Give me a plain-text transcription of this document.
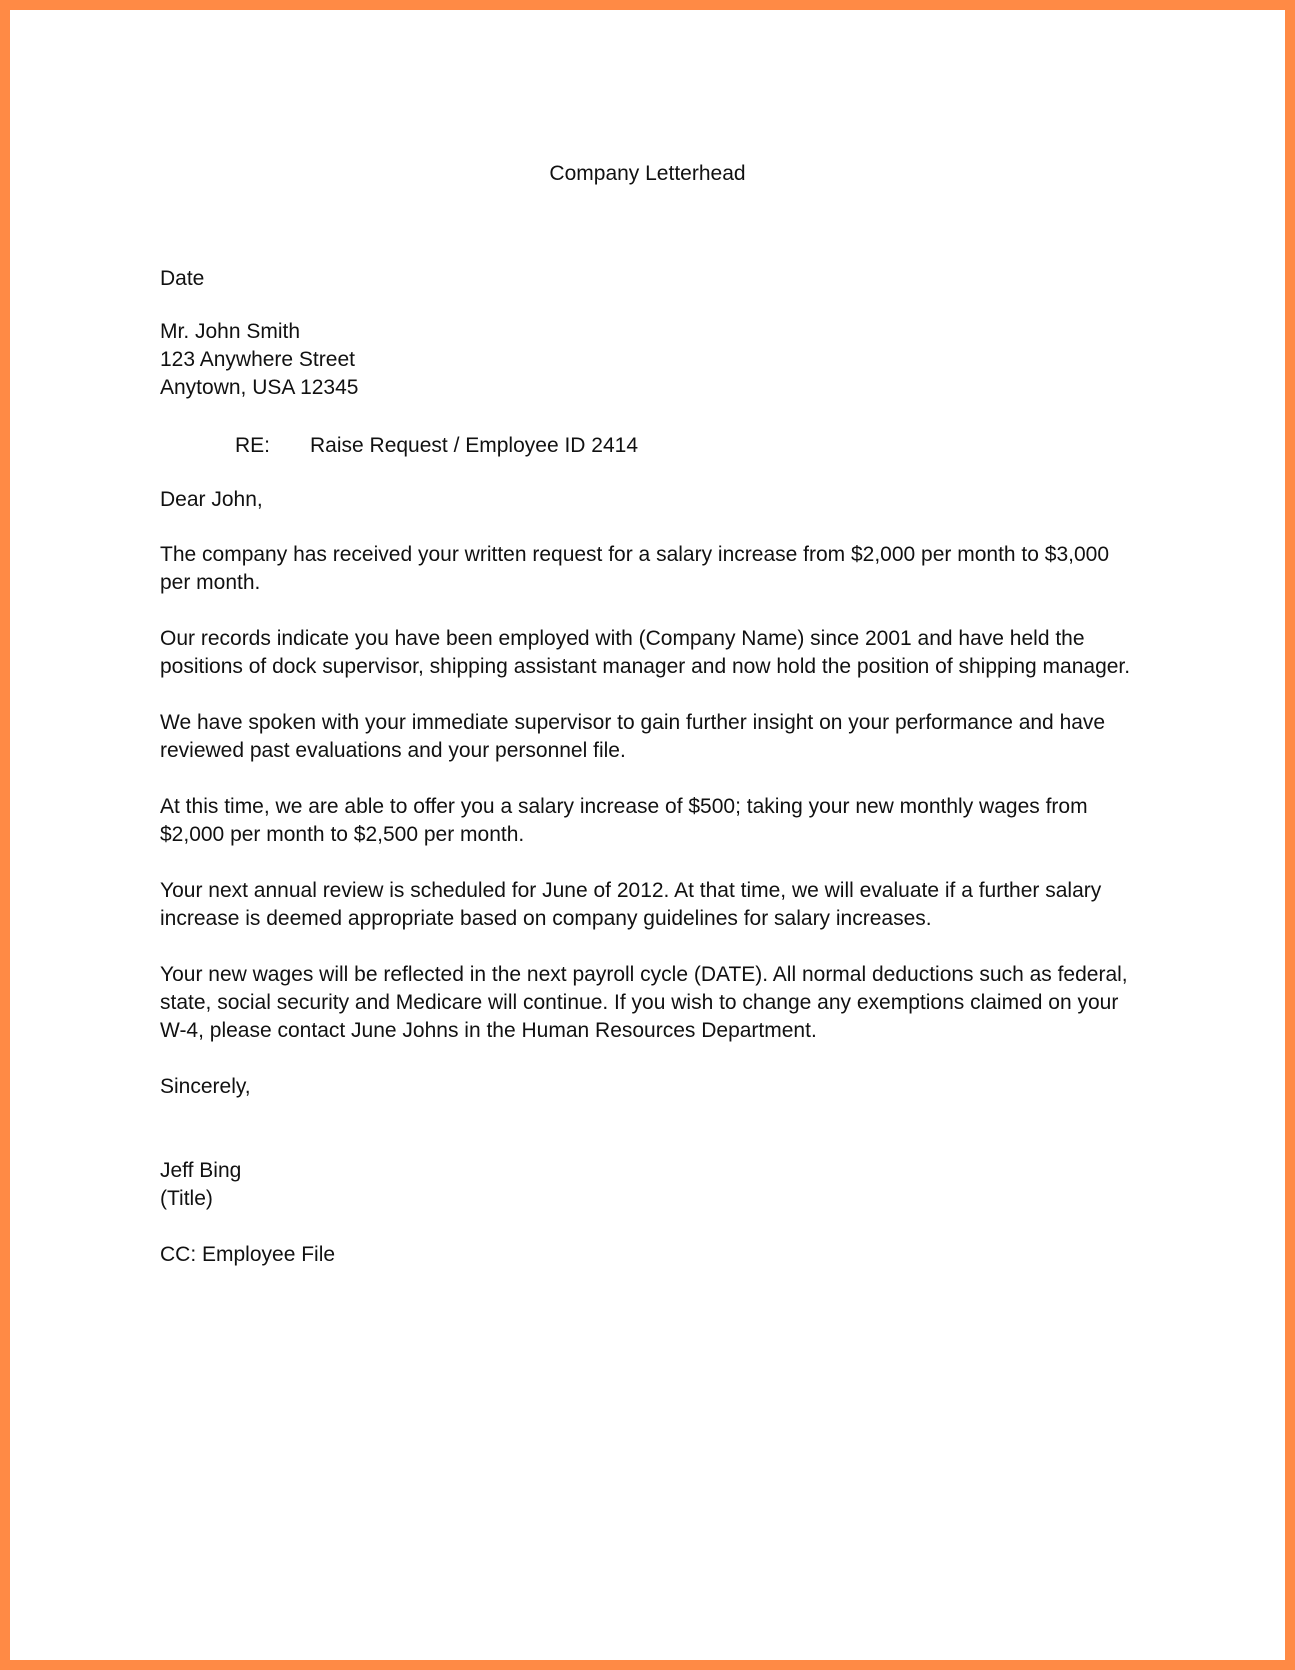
Company Letterhead

Date

Mr. John Smith

123 Anywhere Street

Anytown, USA 12345

RE: Raise Request / Employee ID 2414

Dear John,

The company has received your written request for a salary increase from $2,000 per month to $3,000

per month.

Our records indicate you have been employed with (Company Name) since 2001 and have held the

positions of dock supervisor, shipping assistant manager and now hold the position of shipping manager.

We have spoken with your immediate supervisor to gain further insight on your performance and have

reviewed past evaluations and your personnel file.

At this time, we are able to offer you a salary increase of $500; taking your new monthly wages from

$2,000 per month to $2,500 per month.

Your next annual review is scheduled for June of 2012. At that time, we will evaluate if a further salary

increase is deemed appropriate based on company guidelines for salary increases.

Your new wages will be reflected in the next payroll cycle (DATE). All normal deductions such as federal,

state, social security and Medicare will continue. If you wish to change any exemptions claimed on your

W-4, please contact June Johns in the Human Resources Department.

Sincerely,

Jeff Bing

(Title)

CC: Employee File
